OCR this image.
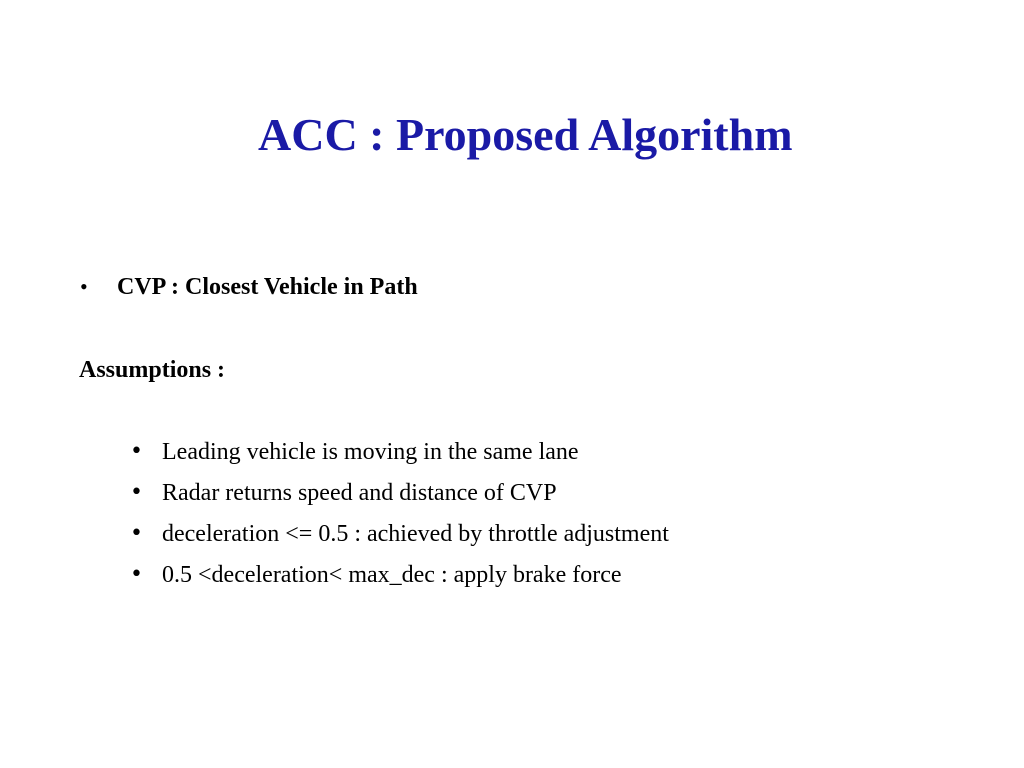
ACC : Proposed Algorithm
• CVP : Closest Vehicle in Path
Assumptions :
• Leading vehicle is moving in the same lane
• Radar returns speed and distance of CVP
• deceleration <= 0.5 : achieved by throttle adjustment
• 0.5 <deceleration< max_dec : apply brake force
